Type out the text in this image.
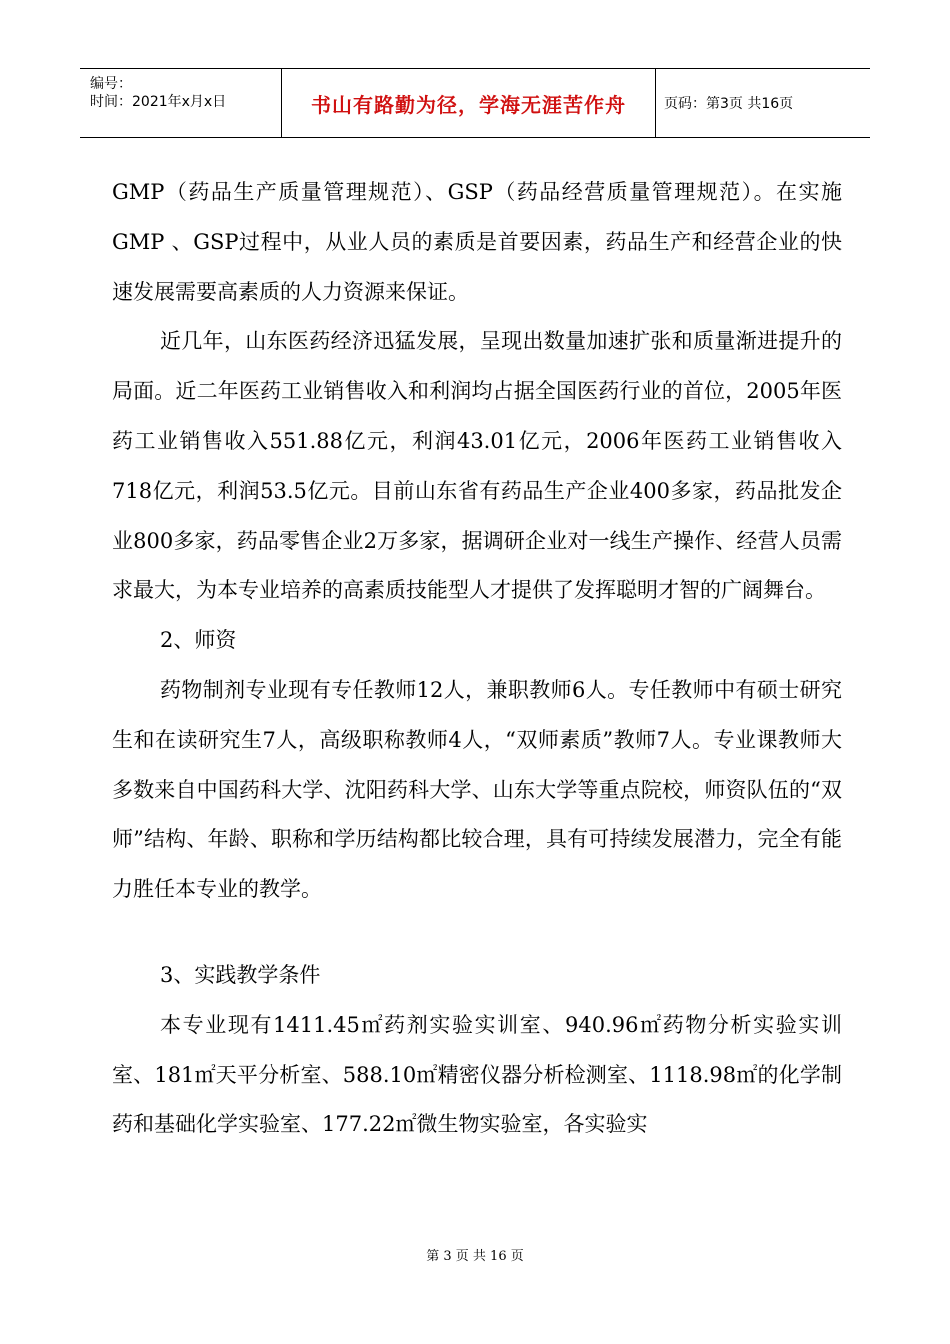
编号：
时间：2021年x月x日	书山有路勤为径，学海无涯苦作舟	页码：第3页 共16页

GMP（药品生产质量管理规范）、GSP（药品经营质量管理规范）。在实施GMP 、GSP过程中，从业人员的素质是首要因素，药品生产和经营企业的快速发展需要高素质的人力资源来保证。

近几年，山东医药经济迅猛发展，呈现出数量加速扩张和质量渐进提升的局面。近二年医药工业销售收入和利润均占据全国医药行业的首位，2005年医药工业销售收入551.88亿元，利润43.01亿元，2006年医药工业销售收入718亿元，利润53.5亿元。目前山东省有药品生产企业400多家，药品批发企业800多家，药品零售企业2万多家，据调研企业对一线生产操作、经营人员需求最大，为本专业培养的高素质技能型人才提供了发挥聪明才智的广阔舞台。

2、师资

药物制剂专业现有专任教师12人，兼职教师6人。专任教师中有硕士研究生和在读研究生7人，高级职称教师4人，“双师素质”教师7人。专业课教师大多数来自中国药科大学、沈阳药科大学、山东大学等重点院校，师资队伍的“双师”结构、年龄、职称和学历结构都比较合理，具有可持续发展潜力，完全有能力胜任本专业的教学。

3、实践教学条件

本专业现有1411.45㎡药剂实验实训室、940.96㎡药物分析实验实训室、181㎡天平分析室、588.10㎡精密仪器分析检测室、1118.98㎡的化学制药和基础化学实验室、177.22㎡微生物实验室，各实验实

第 3 页 共 16 页
